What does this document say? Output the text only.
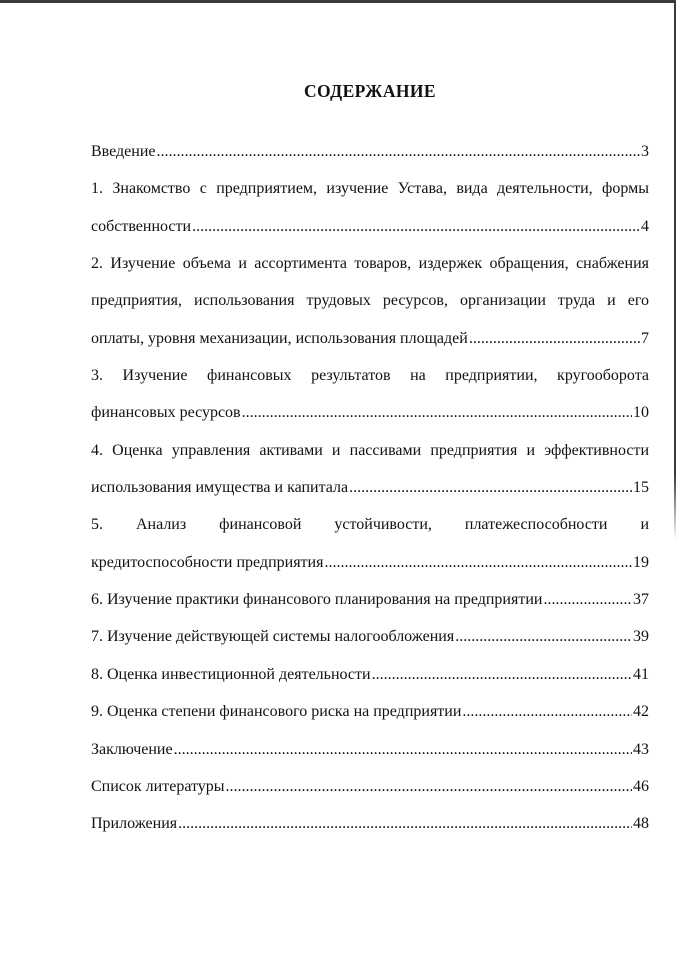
СОДЕРЖАНИЕ
Введение .....	3
1. Знакомство с предприятием, изучение Устава, вида деятельности, формы
собственности .....	4
2. Изучение объема и ассортимента товаров, издержек обращения, снабжения
предприятия, использования трудовых ресурсов, организации труда и его
оплаты, уровня механизации, использования площадей .....	7
3. Изучение финансовых результатов на предприятии, кругооборота
финансовых ресурсов .....	10
4. Оценка управления активами и пассивами предприятия и эффективности
использования имущества и капитала .....	15
5. Анализ финансовой устойчивости, платежеспособности и
кредитоспособности предприятия .....	19
6. Изучение практики финансового планирования на предприятии .....	37
7. Изучение действующей системы налогообложения .....	39
8. Оценка инвестиционной деятельности .....	41
9. Оценка степени финансового риска на предприятии .....	42
Заключение .....	43
Список литературы .....	46
Приложения .....	48
